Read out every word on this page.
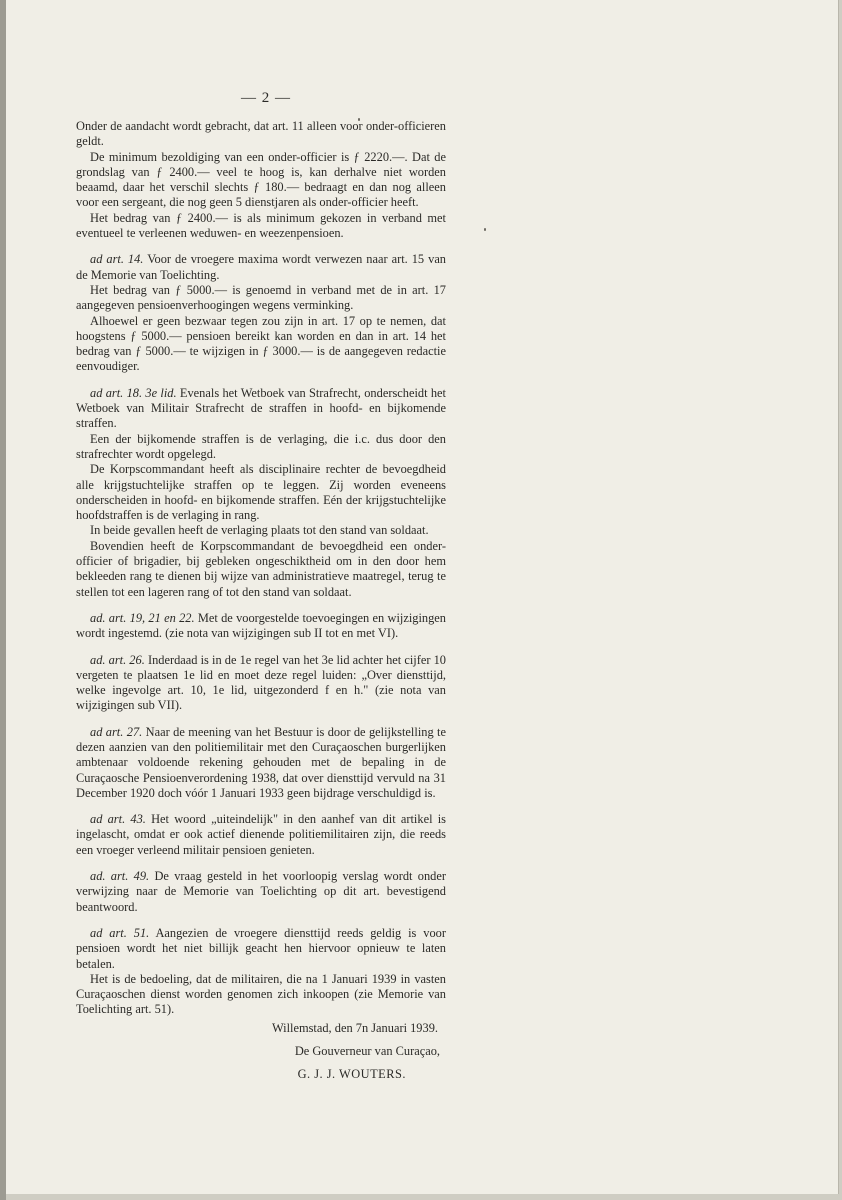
— 2 —

Onder de aandacht wordt gebracht, dat art. 11 alleen voor onder-officieren geldt.

De minimum bezoldiging van een onder-officier is ƒ 2220.—. Dat de grondslag van ƒ 2400.— veel te hoog is, kan derhalve niet worden beaamd, daar het verschil slechts ƒ 180.— bedraagt en dan nog alleen voor een sergeant, die nog geen 5 dienstjaren als onder-officier heeft.

Het bedrag van ƒ 2400.— is als minimum gekozen in verband met eventueel te verleenen weduwen- en weezenpensioen.

ad art. 14. Voor de vroegere maxima wordt verwezen naar art. 15 van de Memorie van Toelichting.

Het bedrag van ƒ 5000.— is genoemd in verband met de in art. 17 aangegeven pensioenverhoogingen wegens verminking.

Alhoewel er geen bezwaar tegen zou zijn in art. 17 op te nemen, dat hoogstens ƒ 5000.— pensioen bereikt kan worden en dan in art. 14 het bedrag van ƒ 5000.— te wijzigen in ƒ 3000.— is de aangegeven redactie eenvoudiger.

ad art. 18. 3e lid. Evenals het Wetboek van Strafrecht, onderscheidt het Wetboek van Militair Strafrecht de straffen in hoofd- en bijkomende straffen.

Een der bijkomende straffen is de verlaging, die i.c. dus door den strafrechter wordt opgelegd.

De Korpscommandant heeft als disciplinaire rechter de bevoegdheid alle krijgstuchtelijke straffen op te leggen. Zij worden eveneens onderscheiden in hoofd- en bijkomende straffen. Eén der krijgstuchtelijke hoofdstraffen is de verlaging in rang.

In beide gevallen heeft de verlaging plaats tot den stand van soldaat.

Bovendien heeft de Korpscommandant de bevoegdheid een onder-officier of brigadier, bij gebleken ongeschiktheid om in den door hem bekleeden rang te dienen bij wijze van administratieve maatregel, terug te stellen tot een lageren rang of tot den stand van soldaat.

ad. art. 19, 21 en 22. Met de voorgestelde toevoegingen en wijzigingen wordt ingestemd. (zie nota van wijzigingen sub II tot en met VI).

ad. art. 26. Inderdaad is in de 1e regel van het 3e lid achter het cijfer 10 vergeten te plaatsen 1e lid en moet deze regel luiden: „Over diensttijd, welke ingevolge art. 10, 1e lid, uitgezonderd f en h." (zie nota van wijzigingen sub VII).

ad art. 27. Naar de meening van het Bestuur is door de gelijkstelling te dezen aanzien van den politiemilitair met den Curaçaoschen burgerlijken ambtenaar voldoende rekening gehouden met de bepaling in de Curaçaosche Pensioenverordening 1938, dat over diensttijd vervuld na 31 December 1920 doch vóór 1 Januari 1933 geen bijdrage verschuldigd is.

ad art. 43. Het woord „uiteindelijk" in den aanhef van dit artikel is ingelascht, omdat er ook actief dienende politiemilitairen zijn, die reeds een vroeger verleend militair pensioen genieten.

ad. art. 49. De vraag gesteld in het voorloopig verslag wordt onder verwijzing naar de Memorie van Toelichting op dit art. bevestigend beantwoord.

ad art. 51. Aangezien de vroegere diensttijd reeds geldig is voor pensioen wordt het niet billijk geacht hen hiervoor opnieuw te laten betalen.

Het is de bedoeling, dat de militairen, die na 1 Januari 1939 in vasten Curaçaoschen dienst worden genomen zich inkoopen (zie Memorie van Toelichting art. 51).

Willemstad, den 7n Januari 1939.

De Gouverneur van Curaçao,

G. J. J. WOUTERS.
